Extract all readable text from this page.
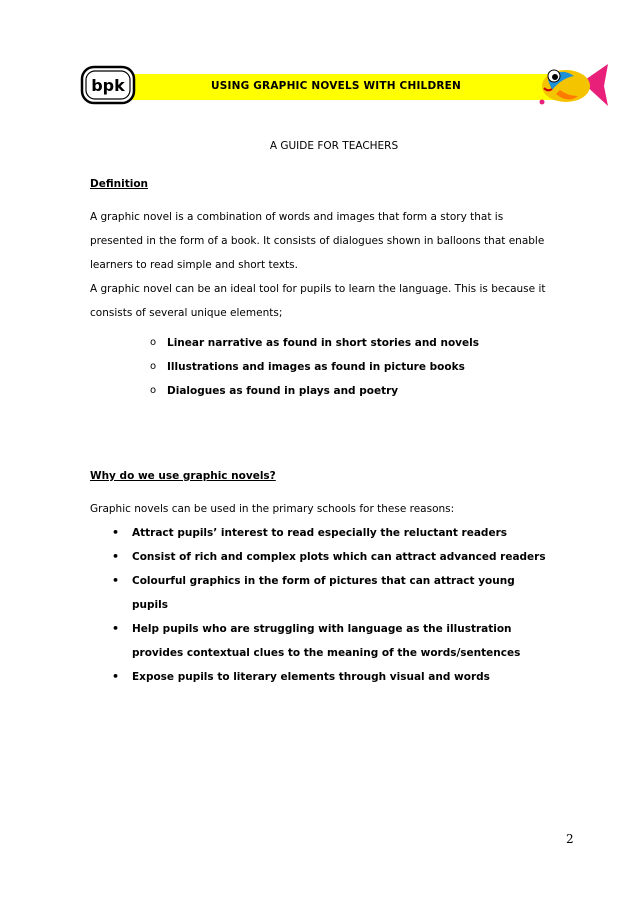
bpk	USING GRAPHIC NOVELS WITH CHILDREN
A GUIDE FOR TEACHERS
Definition
A graphic novel is a combination of words and images that form a story that is
presented in the form of a book. It consists of dialogues shown in balloons that enable
learners to read simple and short texts.
A graphic novel can be an ideal tool for pupils to learn the language. This is because it
consists of several unique elements;
o Linear narrative as found in short stories and novels
o Illustrations and images as found in picture books
o Dialogues as found in plays and poetry
Why do we use graphic novels?
Graphic novels can be used in the primary schools for these reasons:
• Attract pupils’ interest to read especially the reluctant readers
• Consist of rich and complex plots which can attract advanced readers
• Colourful graphics in the form of pictures that can attract young pupils
• Help pupils who are struggling with language as the illustration provides contextual clues to the meaning of the words/sentences
• Expose pupils to literary elements through visual and words
2
